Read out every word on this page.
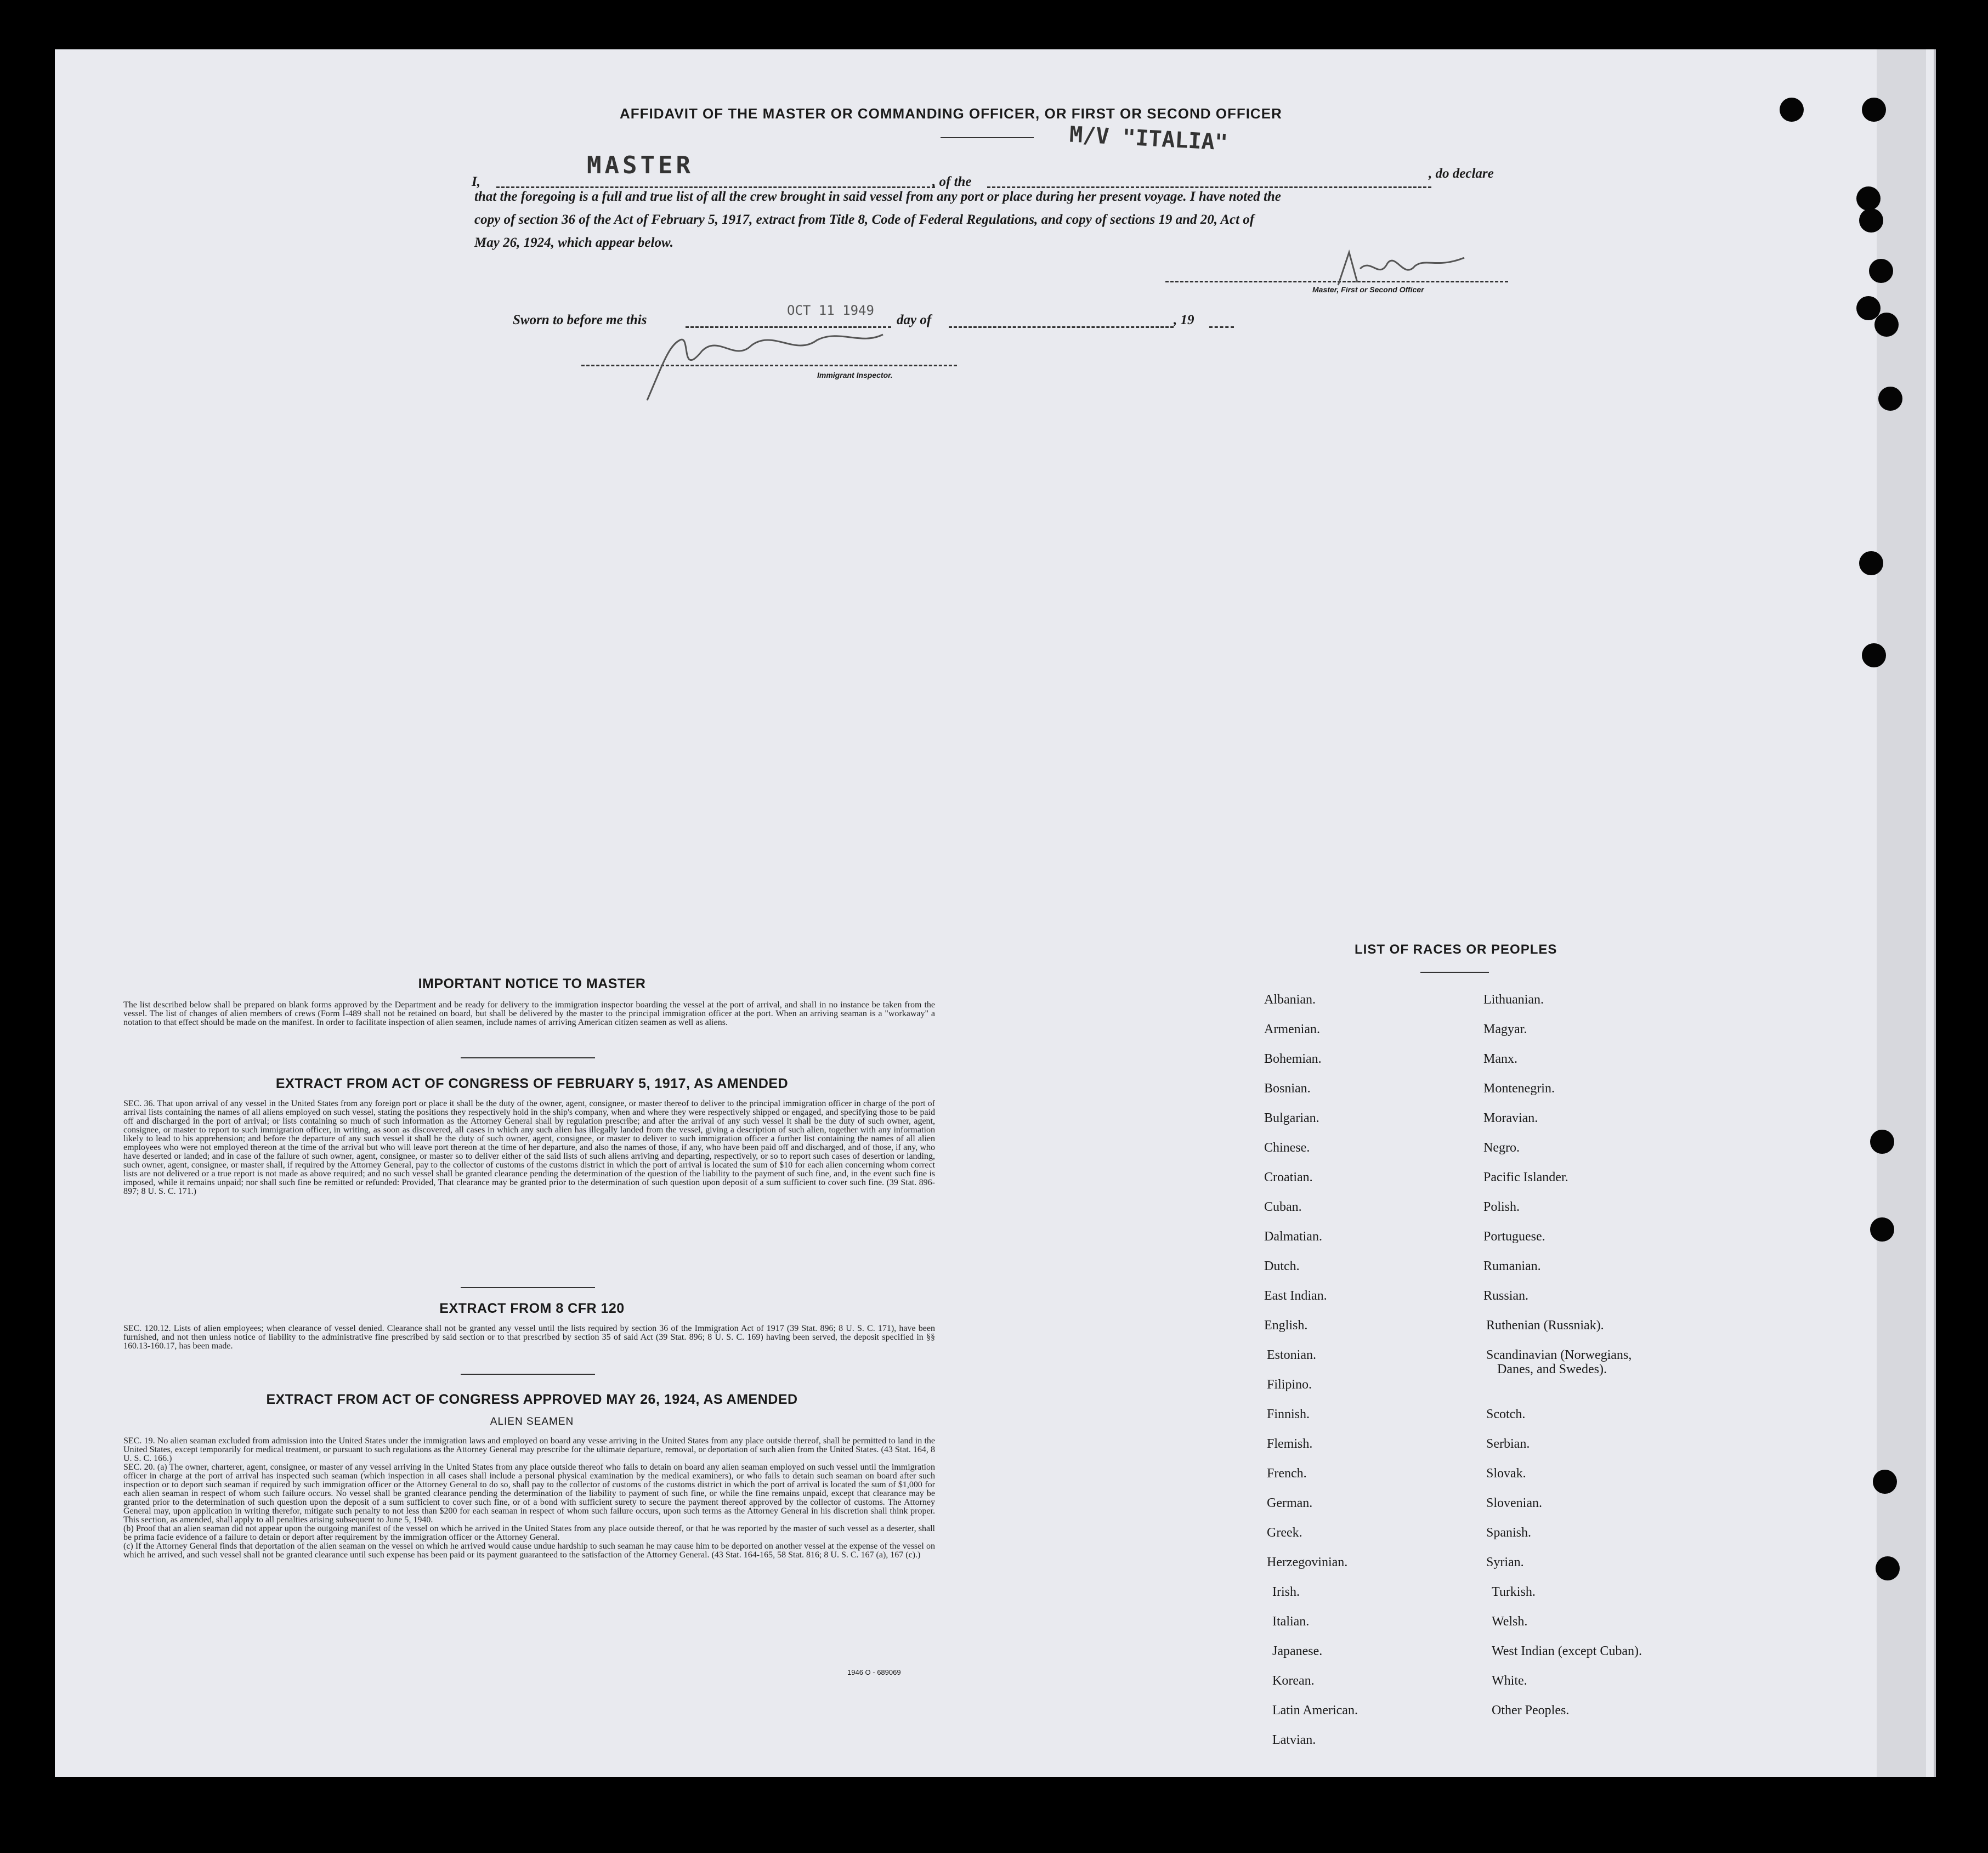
AFFIDAVIT OF THE MASTER OR COMMANDING OFFICER, OR FIRST OR SECOND OFFICER
M/V "ITALIA"
I,
MASTER
, of the
, do declare
that the foregoing is a full and true list of all the crew brought in said vessel from any port or place during her present voyage. I have noted the
copy of section 36 of the Act of February 5, 1917, extract from Title 8, Code of Federal Regulations, and copy of sections 19 and 20, Act of
May 26, 1924, which appear below.
Master, First or Second Officer
Sworn to before me this
OCT 11 1949
day of	, 19
Immigrant Inspector.
IMPORTANT NOTICE TO MASTER
The list described below shall be prepared on blank forms approved by the Department and be ready for delivery to the immigration inspector boarding the vessel at the port of arrival, and shall in no instance be taken from the vessel. The list of changes of alien members of crews (Form I-489 shall not be retained on board, but shall be delivered by the master to the principal immigration officer at the port. When an arriving seaman is a "workaway" a notation to that effect should be made on the manifest. In order to facilitate inspection of alien seamen, include names of arriving American citizen seamen as well as aliens.
EXTRACT FROM ACT OF CONGRESS OF FEBRUARY 5, 1917, AS AMENDED
SEC. 36. That upon arrival of any vessel in the United States from any foreign port or place it shall be the duty of the owner, agent, consignee, or master thereof to deliver to the principal immigration officer in charge of the port of arrival lists containing the names of all aliens employed on such vessel, stating the positions they respectively hold in the ship's company, when and where they were respectively shipped or engaged, and specifying those to be paid off and discharged in the port of arrival; or lists containing so much of such information as the Attorney General shall by regulation prescribe; and after the arrival of any such vessel it shall be the duty of such owner, agent, consignee, or master to report to such immigration officer, in writing, as soon as discovered, all cases in which any such alien has illegally landed from the vessel, giving a description of such alien, together with any information likely to lead to his apprehension; and before the departure of any such vessel it shall be the duty of such owner, agent, consignee, or master to deliver to such immigration officer a further list containing the names of all alien employees who were not employed thereon at the time of the arrival but who will leave port thereon at the time of her departure, and also the names of those, if any, who have been paid off and discharged, and of those, if any, who have deserted or landed; and in case of the failure of such owner, agent, consignee, or master so to deliver either of the said lists of such aliens arriving and departing, respectively, or so to report such cases of desertion or landing, such owner, agent, consignee, or master shall, if required by the Attorney General, pay to the collector of customs of the customs district in which the port of arrival is located the sum of $10 for each alien concerning whom correct lists are not delivered or a true report is not made as above required; and no such vessel shall be granted clearance pending the determination of the question of the liability to the payment of such fine, and, in the event such fine is imposed, while it remains unpaid; nor shall such fine be remitted or refunded: Provided, That clearance may be granted prior to the determination of such question upon deposit of a sum sufficient to cover such fine. (39 Stat. 896-897; 8 U. S. C. 171.)
EXTRACT FROM 8 CFR 120
SEC. 120.12. Lists of alien employees; when clearance of vessel denied. Clearance shall not be granted any vessel until the lists required by section 36 of the Immigration Act of 1917 (39 Stat. 896; 8 U. S. C. 171), have been furnished, and not then unless notice of liability to the administrative fine prescribed by said section or to that prescribed by section 35 of said Act (39 Stat. 896; 8 U. S. C. 169) having been served, the deposit specified in §§ 160.13-160.17, has been made.
EXTRACT FROM ACT OF CONGRESS APPROVED MAY 26, 1924, AS AMENDED
ALIEN SEAMEN
SEC. 19. No alien seaman excluded from admission into the United States under the immigration laws and employed on board any vesse arriving in the United States from any place outside thereof, shall be permitted to land in the United States, except temporarily for medical treatment, or pursuant to such regulations as the Attorney General may prescribe for the ultimate departure, removal, or deportation of such alien from the United States. (43 Stat. 164, 8 U. S. C. 166.)
SEC. 20. (a) The owner, charterer, agent, consignee, or master of any vessel arriving in the United States from any place outside thereof who fails to detain on board any alien seaman employed on such vessel until the immigration officer in charge at the port of arrival has inspected such seaman (which inspection in all cases shall include a personal physical examination by the medical examiners), or who fails to detain such seaman on board after such inspection or to deport such seaman if required by such immigration officer or the Attorney General to do so, shall pay to the collector of customs of the customs district in which the port of arrival is located the sum of $1,000 for each alien seaman in respect of whom such failure occurs. No vessel shall be granted clearance pending the determination of the liability to payment of such fine, or while the fine remains unpaid, except that clearance may be granted prior to the determination of such question upon the deposit of a sum sufficient to cover such fine, or of a bond with sufficient surety to secure the payment thereof approved by the collector of customs. The Attorney General may, upon application in writing therefor, mitigate such penalty to not less than $200 for each seaman in respect of whom such failure occurs, upon such terms as the Attorney General in his discretion shall think proper. This section, as amended, shall apply to all penalties arising subsequent to June 5, 1940.
(b) Proof that an alien seaman did not appear upon the outgoing manifest of the vessel on which he arrived in the United States from any place outside thereof, or that he was reported by the master of such vessel as a deserter, shall be prima facie evidence of a failure to detain or deport after requirement by the immigration officer or the Attorney General.
(c) If the Attorney General finds that deportation of the alien seaman on the vessel on which he arrived would cause undue hardship to such seaman he may cause him to be deported on another vessel at the expense of the vessel on which he arrived, and such vessel shall not be granted clearance until such expense has been paid or its payment guaranteed to the satisfaction of the Attorney General. (43 Stat. 164-165, 58 Stat. 816; 8 U. S. C. 167 (a), 167 (c).)
1946 O - 689069
LIST OF RACES OR PEOPLES
Albanian.
Armenian.
Bohemian.
Bosnian.
Bulgarian.
Chinese.
Croatian.
Cuban.
Dalmatian.
Dutch.
East Indian.
English.
Estonian.
Filipino.
Finnish.
Flemish.
French.
German.
Greek.
Herzegovinian.
Irish.
Italian.
Japanese.
Korean.
Latin American.
Latvian.
Lithuanian.
Magyar.
Manx.
Montenegrin.
Moravian.
Negro.
Pacific Islander.
Polish.
Portuguese.
Rumanian.
Russian.
Ruthenian (Russniak).
Scandinavian (Norwegians,
Danes, and Swedes).
Scotch.
Serbian.
Slovak.
Slovenian.
Spanish.
Syrian.
Turkish.
Welsh.
West Indian (except Cuban).
White.
Other Peoples.
